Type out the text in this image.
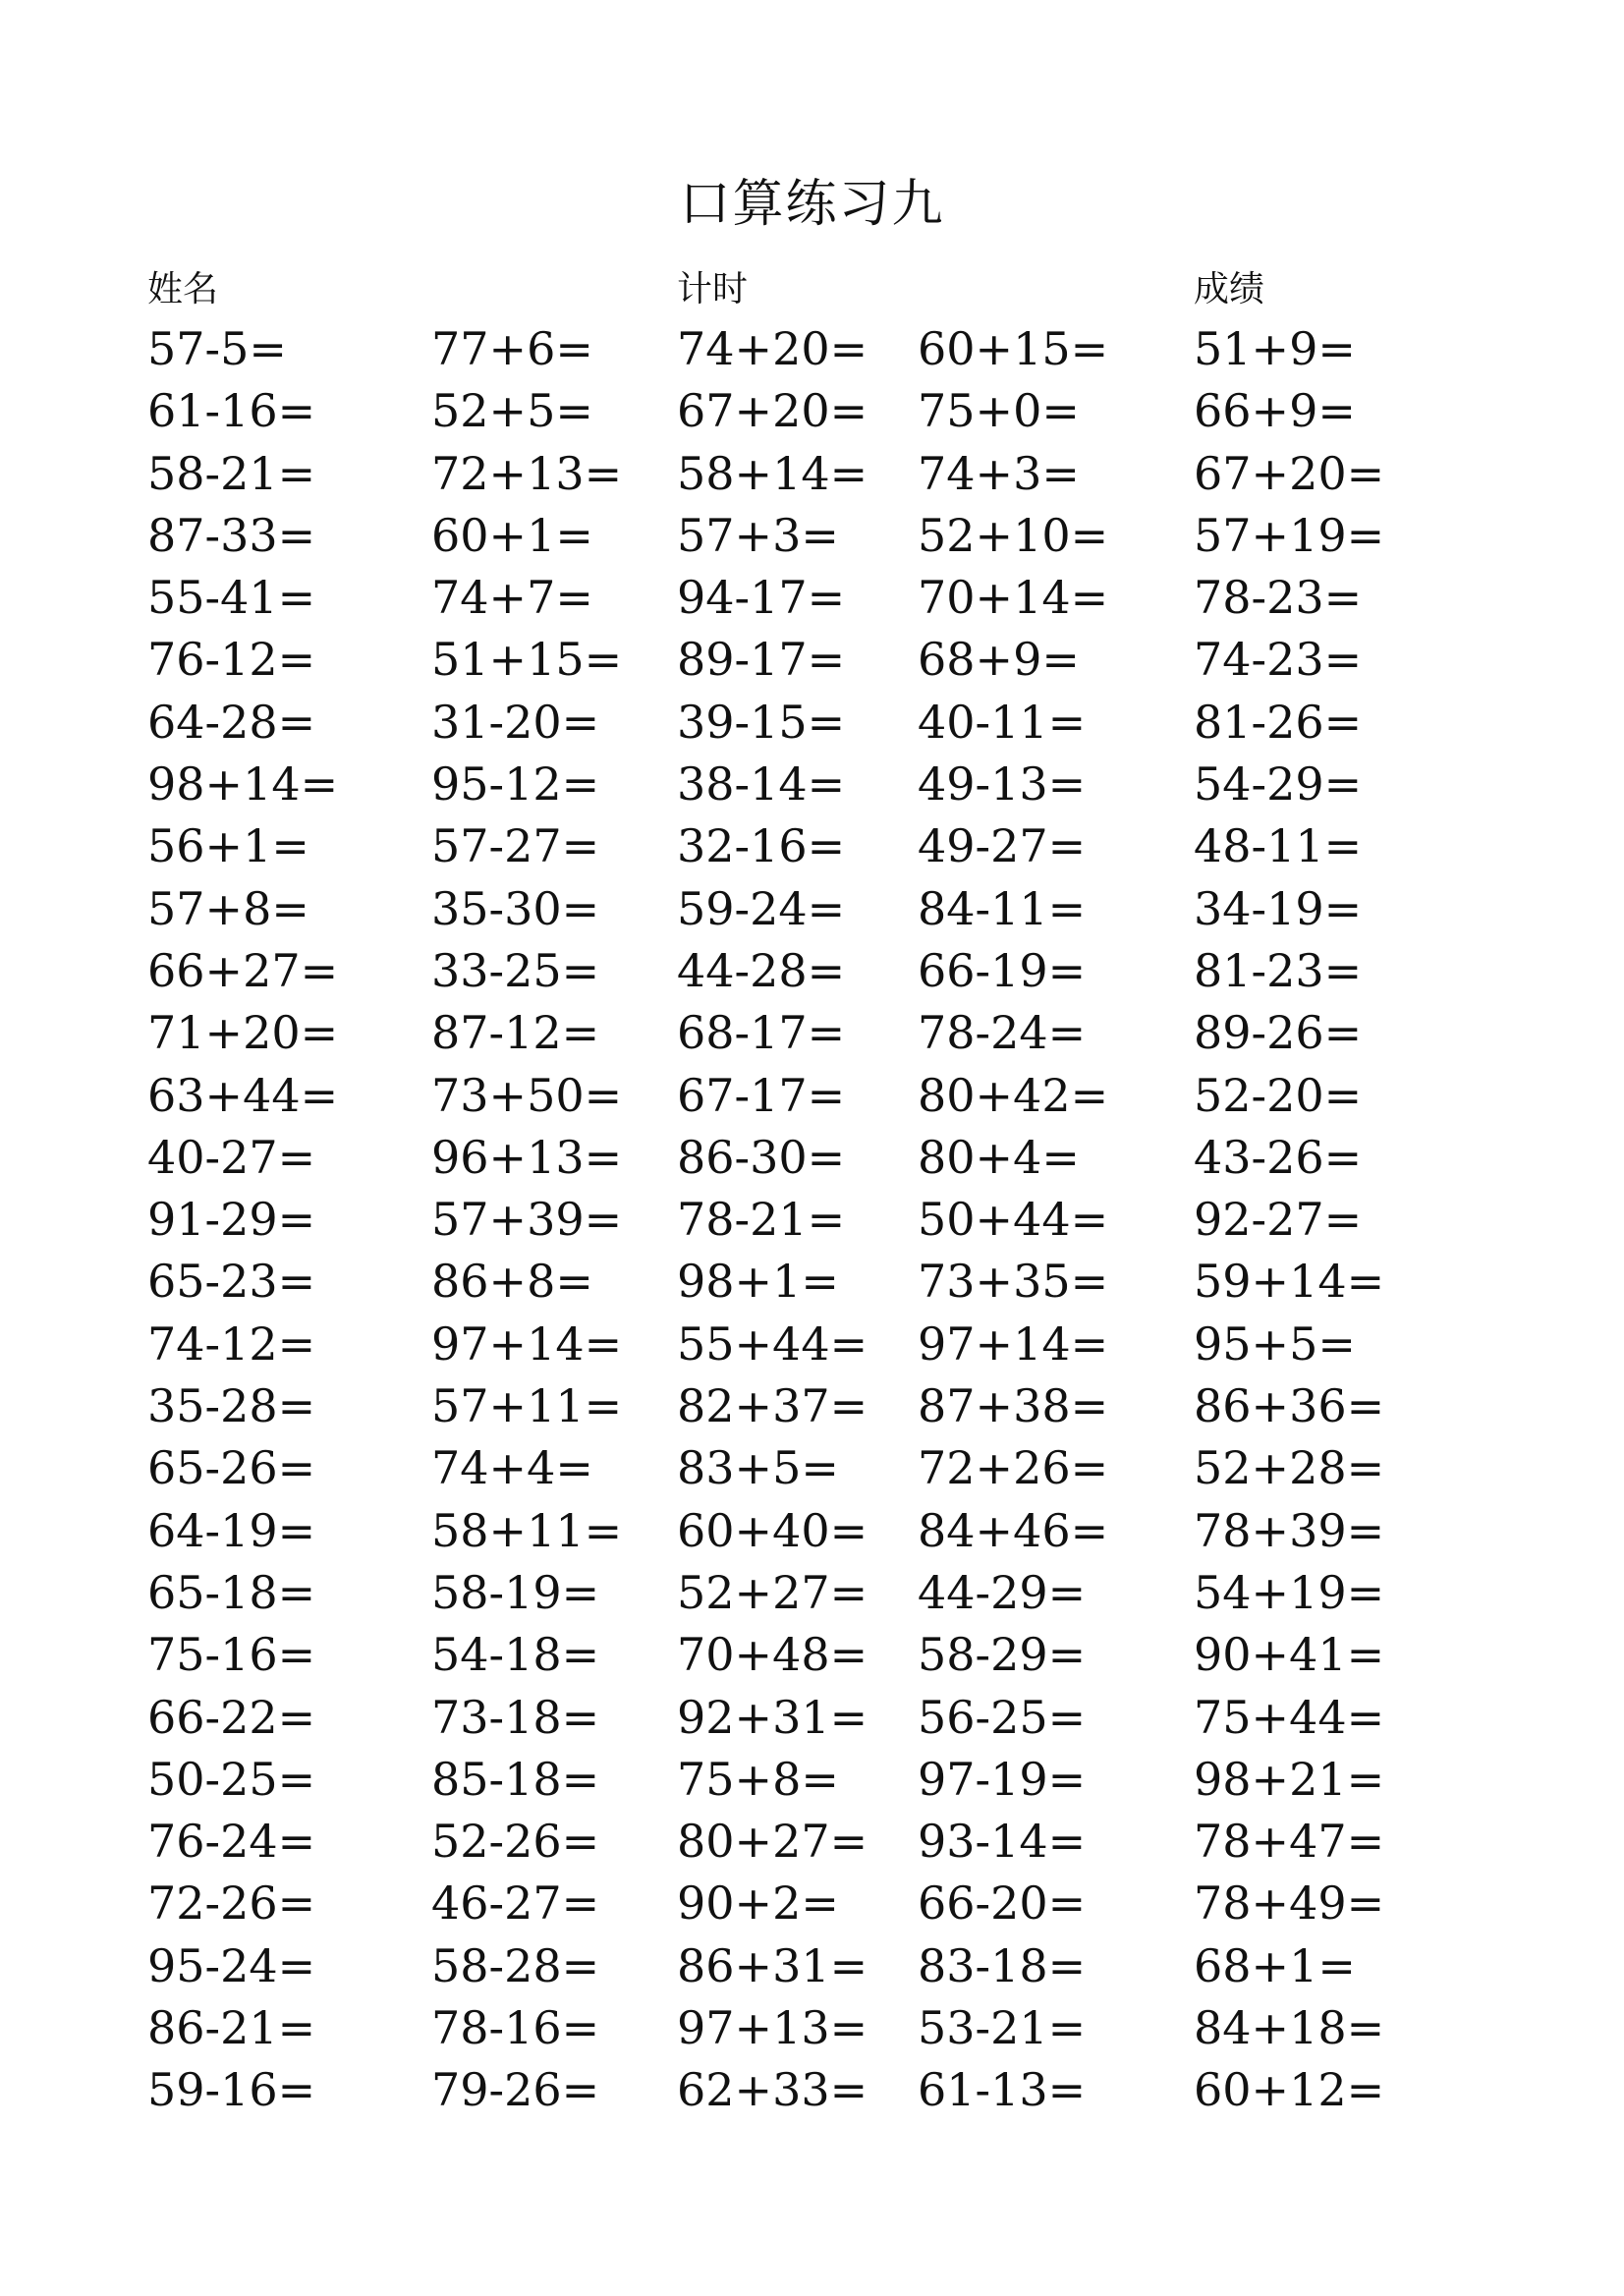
口算练习九
姓名	计时	成绩
57-5=	77+6= 74+20= 60+15= 51+9=
61-16=	52+5= 67+20= 75+0=	66+9=
58-21=	72+13= 58+14= 74+3=	67+20=
87-33=	60+1= 57+3= 52+10= 57+19=
55-41=	74+7= 94-17= 70+14= 78-23=
76-12=	51+15= 89-17= 68+9=	74-23=
64-28=	31-20= 39-15= 40-11= 81-26=
98+14= 95-12= 38-14= 49-13= 54-29=
56+1=	57-27= 32-16= 49-27= 48-11=
57+8=	35-30= 59-24= 84-11= 34-19=
66+27= 33-25= 44-28= 66-19= 81-23=
71+20= 87-12= 68-17= 78-24= 89-26=
63+44= 73+50= 67-17= 80+42= 52-20=
40-27=	96+13= 86-30= 80+4=	43-26=
91-29=	57+39= 78-21= 50+44= 92-27=
65-23=	86+8= 98+1= 73+35= 59+14=
74-12=	97+14= 55+44= 97+14= 95+5=
35-28=	57+11= 82+37= 87+38= 86+36=
65-26=	74+4= 83+5= 72+26= 52+28=
64-19=	58+11= 60+40= 84+46= 78+39=
65-18=	58-19= 52+27= 44-29= 54+19=
75-16=	54-18= 70+48= 58-29= 90+41=
66-22=	73-18= 92+31= 56-25= 75+44=
50-25=	85-18= 75+8= 97-19= 98+21=
76-24=	52-26= 80+27= 93-14= 78+47=
72-26=	46-27= 90+2= 66-20= 78+49=
95-24=	58-28= 86+31= 83-18= 68+1=
86-21=	78-16= 97+13= 53-21= 84+18=
59-16=	79-26= 62+33= 61-13= 60+12=
